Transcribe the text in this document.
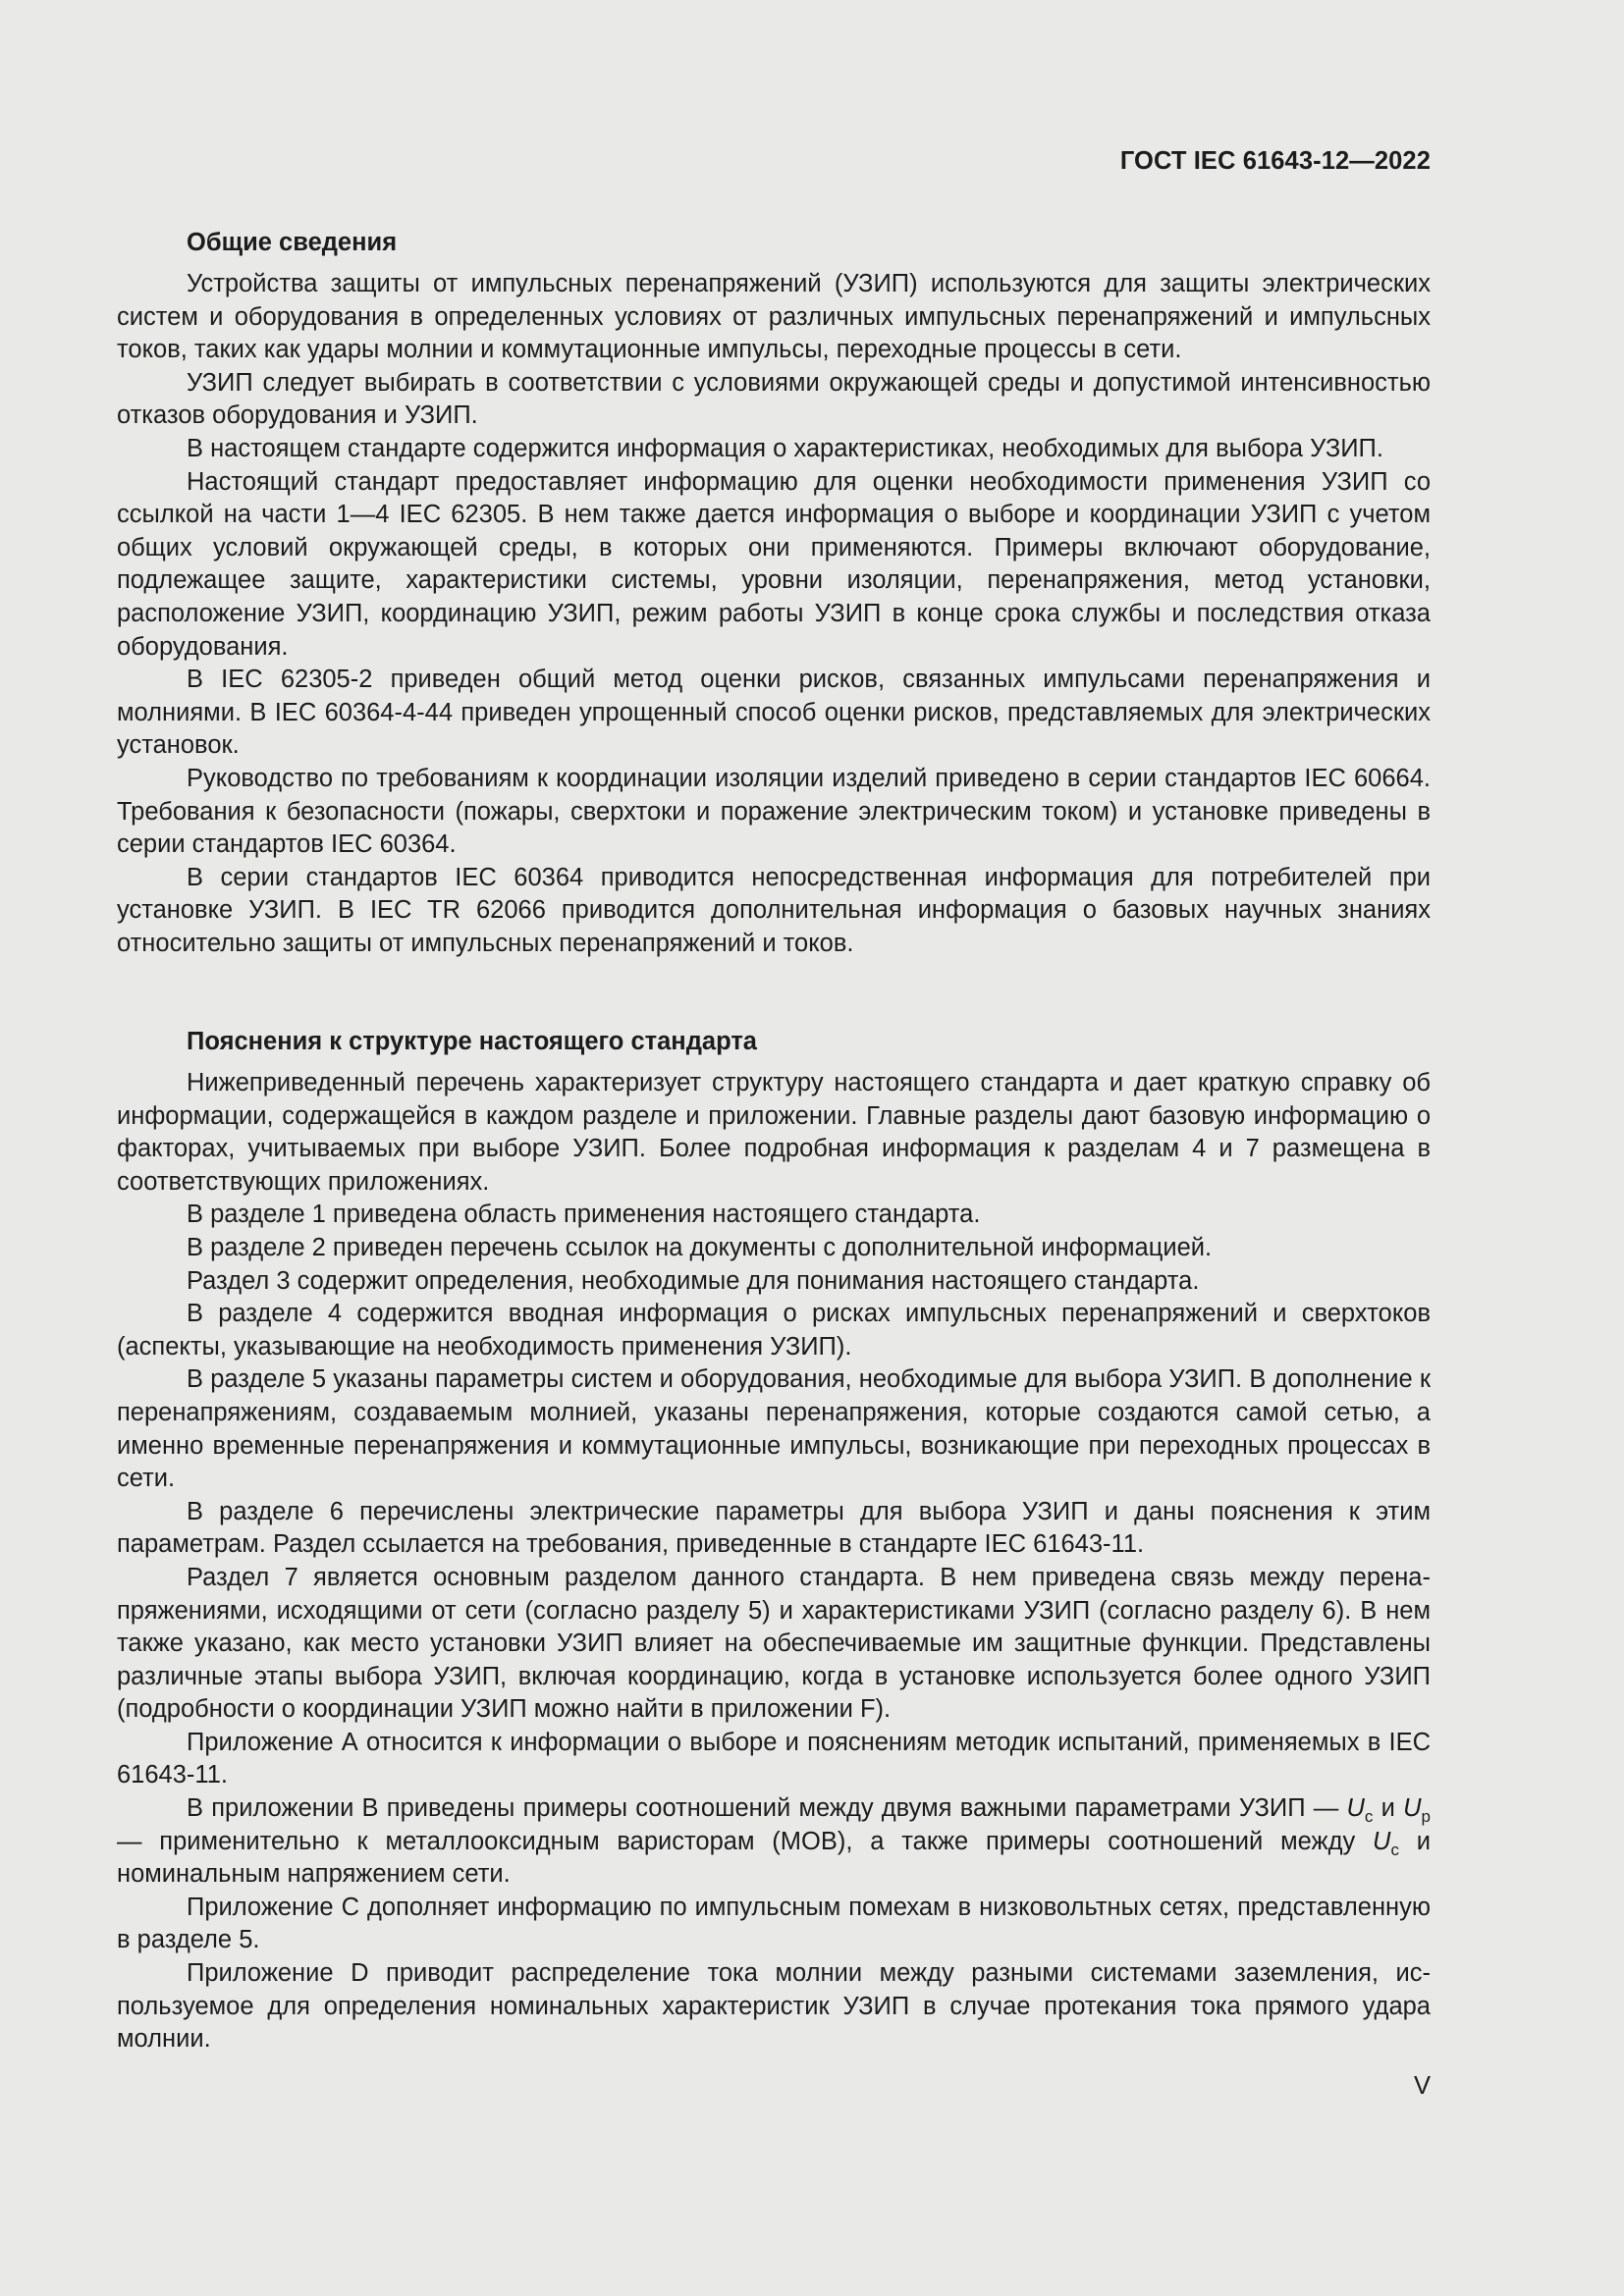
ГОСТ IEC 61643-12—2022
Общие сведения

Устройства защиты от импульсных перенапряжений (УЗИП) используются для защиты электрических систем и оборудования в определенных условиях от различных импульсных перенапряжений и импульсных токов, таких как удары молнии и коммутационные импульсы, переходные процессы в сети.

УЗИП следует выбирать в соответствии с условиями окружающей среды и допустимой интенсивностью отказов оборудования и УЗИП.

В настоящем стандарте содержится информация о характеристиках, необходимых для выбора УЗИП.

Настоящий стандарт предоставляет информацию для оценки необходимости применения УЗИП со ссылкой на части 1—4 IEC 62305. В нем также дается информация о выборе и координации УЗИП с учетом общих условий окружающей среды, в которых они применяются. Примеры включают оборудование, подлежащее защите, характеристики системы, уровни изоляции, перенапряжения, метод установки, расположение УЗИП, координацию УЗИП, режим работы УЗИП в конце срока службы и последствия отказа оборудования.

В IEC 62305-2 приведен общий метод оценки рисков, связанных импульсами перенапряжения и молниями. В IEC 60364-4-44 приведен упрощенный способ оценки рисков, представляемых для электрических установок.

Руководство по требованиям к координации изоляции изделий приведено в серии стандартов IEC 60664. Требования к безопасности (пожары, сверхтоки и поражение электрическим током) и установке приведены в серии стандартов IEC 60364.

В серии стандартов IEC 60364 приводится непосредственная информация для потребителей при установке УЗИП. В IEC TR 62066 приводится дополнительная информация о базовых научных знаниях относительно защиты от импульсных перенапряжений и токов.

Пояснения к структуре настоящего стандарта

Нижеприведенный перечень характеризует структуру настоящего стандарта и дает краткую справку об информации, содержащейся в каждом разделе и приложении. Главные разделы дают базовую информацию о факторах, учитываемых при выборе УЗИП. Более подробная информация к разделам 4 и 7 размещена в соответствующих приложениях.

В разделе 1 приведена область применения настоящего стандарта.

В разделе 2 приведен перечень ссылок на документы с дополнительной информацией.

Раздел 3 содержит определения, необходимые для понимания настоящего стандарта.

В разделе 4 содержится вводная информация о рисках импульсных перенапряжений и сверхтоков (аспекты, указывающие на необходимость применения УЗИП).

В разделе 5 указаны параметры систем и оборудования, необходимые для выбора УЗИП. В дополнение к перенапряжениям, создаваемым молнией, указаны перенапряжения, которые создаются самой сетью, а именно временные перенапряжения и коммутационные импульсы, возникающие при переходных процессах в сети.

В разделе 6 перечислены электрические параметры для выбора УЗИП и даны пояснения к этим параметрам. Раздел ссылается на требования, приведенные в стандарте IEC 61643-11.

Раздел 7 является основным разделом данного стандарта. В нем приведена связь между перенапряжениями, исходящими от сети (согласно разделу 5) и характеристиками УЗИП (согласно разделу 6). В нем также указано, как место установки УЗИП влияет на обеспечиваемые им защитные функции. Представлены различные этапы выбора УЗИП, включая координацию, когда в установке используется более одного УЗИП (подробности о координации УЗИП можно найти в приложении F).

Приложение А относится к информации о выборе и пояснениям методик испытаний, применяемых в IEC 61643-11.

В приложении В приведены примеры соотношений между двумя важными параметрами УЗИП — $U_c$ и $U_p$ — применительно к металлооксидным варисторам (МОВ), а также примеры соотношений между $U_c$ и номинальным напряжением сети.

Приложение С дополняет информацию по импульсным помехам в низковольтных сетях, представленную в разделе 5.

Приложение D приводит распределение тока молнии между разными системами заземления, используемое для определения номинальных характеристик УЗИП в случае протекания тока прямого удара молнии.

V
